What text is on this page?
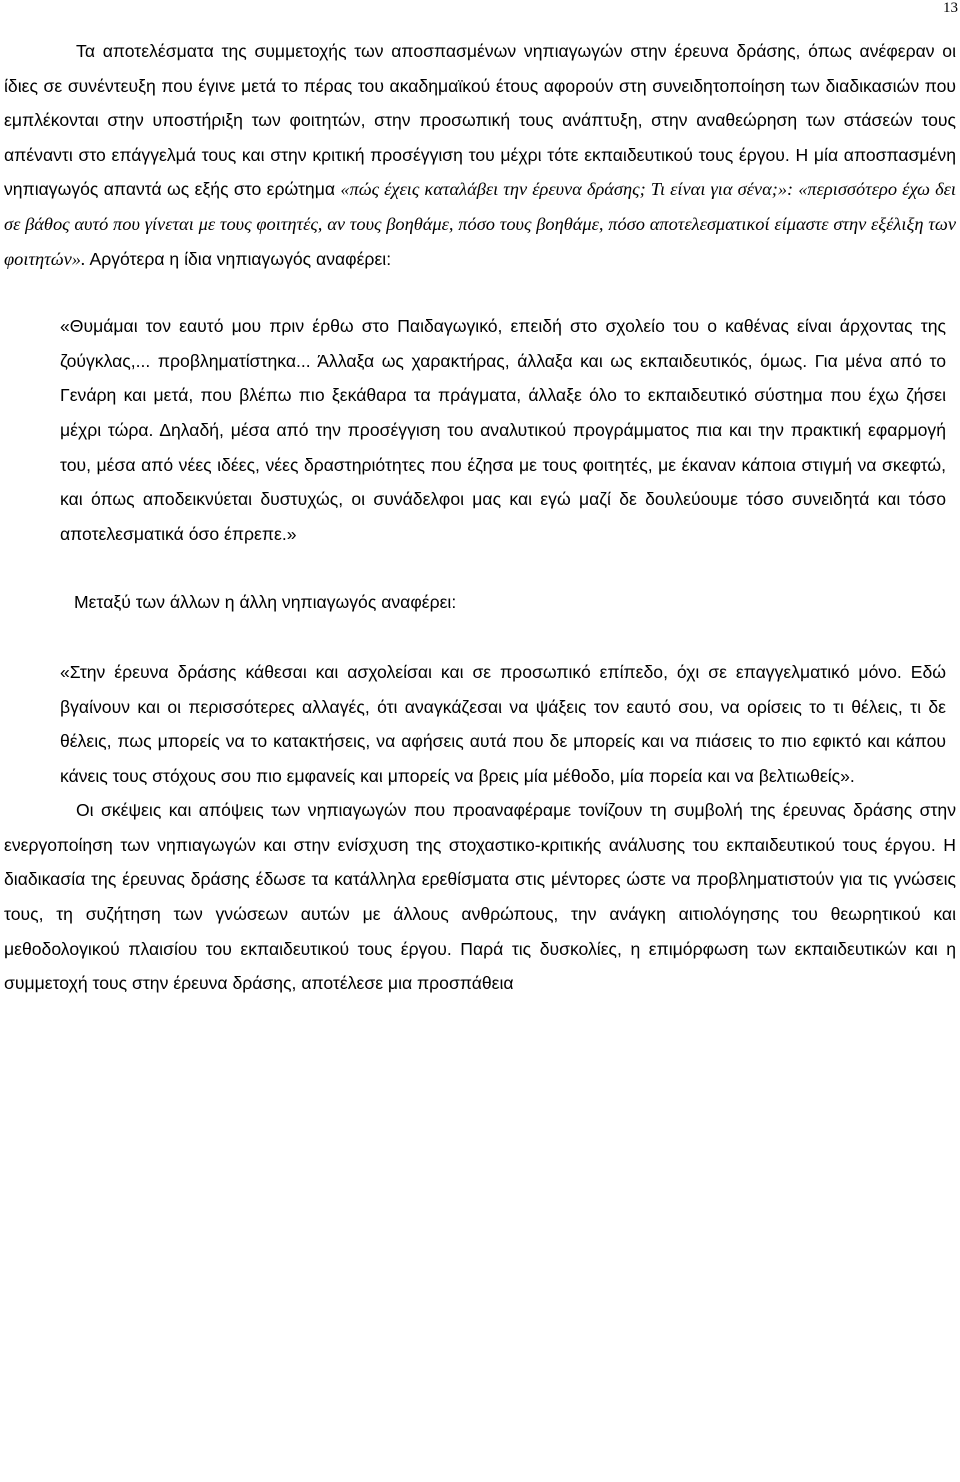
13

Τα αποτελέσματα της συμμετοχής των αποσπασμένων νηπιαγωγών στην έρευνα δράσης, όπως ανέφεραν οι ίδιες σε συνέντευξη που έγινε μετά το πέρας του ακαδημαϊκού έτους αφορούν στη συνειδητοποίηση των διαδικασιών που εμπλέκονται στην υποστήριξη των φοιτητών, στην προσωπική τους ανάπτυξη, στην αναθεώρηση των στάσεών τους απέναντι στο επάγγελμά τους και στην κριτική προσέγγιση του μέχρι τότε εκπαιδευτικού τους έργου. Η μία αποσπασμένη νηπιαγωγός απαντά ως εξής στο ερώτημα «πώς έχεις καταλάβει την έρευνα δράσης; Τι είναι για σένα;»: «περισσότερο έχω δει σε βάθος αυτό που γίνεται με τους φοιτητές, αν τους βοηθάμε, πόσο τους βοηθάμε, πόσο αποτελεσματικοί είμαστε στην εξέλιξη των φοιτητών». Αργότερα η ίδια νηπιαγωγός αναφέρει:

«Θυμάμαι τον εαυτό μου πριν έρθω στο Παιδαγωγικό, επειδή στο σχολείο του ο καθένας είναι άρχοντας της ζούγκλας,... προβληματίστηκα... Άλλαξα ως χαρακτήρας, άλλαξα και ως εκπαιδευτικός, όμως. Για μένα από το Γενάρη και μετά, που βλέπω πιο ξεκάθαρα τα πράγματα, άλλαξε όλο το εκπαιδευτικό σύστημα που έχω ζήσει μέχρι τώρα. Δηλαδή, μέσα από την προσέγγιση του αναλυτικού προγράμματος πια και την πρακτική εφαρμογή του, μέσα από νέες ιδέες, νέες δραστηριότητες που έζησα με τους φοιτητές, με έκαναν κάποια στιγμή να σκεφτώ, και όπως αποδεικνύεται δυστυχώς, οι συνάδελφοι μας και εγώ μαζί δε δουλεύουμε τόσο συνειδητά και τόσο αποτελεσματικά όσο έπρεπε.»

Μεταξύ των άλλων η άλλη νηπιαγωγός αναφέρει:

«Στην έρευνα δράσης κάθεσαι και ασχολείσαι και σε προσωπικό επίπεδο, όχι σε επαγγελματικό μόνο. Εδώ βγαίνουν και οι περισσότερες αλλαγές, ότι αναγκάζεσαι να ψάξεις τον εαυτό σου, να ορίσεις το τι θέλεις, τι δε θέλεις, πως μπορείς να το κατακτήσεις, να αφήσεις αυτά που δε μπορείς και να πιάσεις το πιο εφικτό και κάπου κάνεις τους στόχους σου πιο εμφανείς και μπορείς να βρεις μία μέθοδο, μία πορεία και να βελτιωθείς».

Οι σκέψεις και απόψεις των νηπιαγωγών που προαναφέραμε τονίζουν τη συμβολή της έρευνας δράσης στην ενεργοποίηση των νηπιαγωγών και στην ενίσχυση της στοχαστικο-κριτικής ανάλυσης του εκπαιδευτικού τους έργου. Η διαδικασία της έρευνας δράσης έδωσε τα κατάλληλα ερεθίσματα στις μέντορες ώστε να προβληματιστούν για τις γνώσεις τους, τη συζήτηση των γνώσεων αυτών με άλλους ανθρώπους, την ανάγκη αιτιολόγησης του θεωρητικού και μεθοδολογικού πλαισίου του εκπαιδευτικού τους έργου. Παρά τις δυσκολίες, η επιμόρφωση των εκπαιδευτικών και η συμμετοχή τους στην έρευνα δράσης, αποτέλεσε μια προσπάθεια
